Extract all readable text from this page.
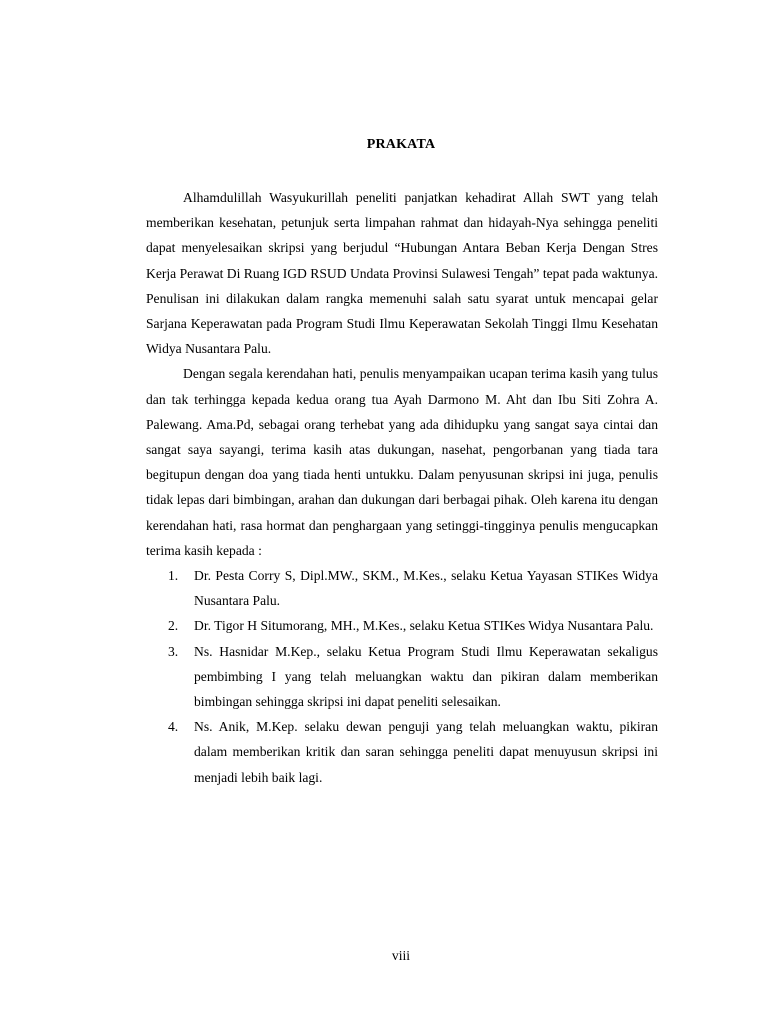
PRAKATA

Alhamdulillah Wasyukurillah peneliti panjatkan kehadirat Allah SWT yang telah memberikan kesehatan, petunjuk serta limpahan rahmat dan hidayah-Nya sehingga peneliti dapat menyelesaikan skripsi yang berjudul “Hubungan Antara Beban Kerja Dengan Stres Kerja Perawat Di Ruang IGD RSUD Undata Provinsi Sulawesi Tengah” tepat pada waktunya. Penulisan ini dilakukan dalam rangka memenuhi salah satu syarat untuk mencapai gelar Sarjana Keperawatan pada Program Studi Ilmu Keperawatan Sekolah Tinggi Ilmu Kesehatan Widya Nusantara Palu.

Dengan segala kerendahan hati, penulis menyampaikan ucapan terima kasih yang tulus dan tak terhingga kepada kedua orang tua Ayah Darmono M. Aht dan Ibu Siti Zohra A. Palewang. Ama.Pd, sebagai orang terhebat yang ada dihidupku yang sangat saya cintai dan sangat saya sayangi, terima kasih atas dukungan, nasehat, pengorbanan yang tiada tara begitupun dengan doa yang tiada henti untukku. Dalam penyusunan skripsi ini juga, penulis tidak lepas dari bimbingan, arahan dan dukungan dari berbagai pihak. Oleh karena itu dengan kerendahan hati, rasa hormat dan penghargaan yang setinggi-tingginya penulis mengucapkan terima kasih kepada :

1. Dr. Pesta Corry S, Dipl.MW., SKM., M.Kes., selaku Ketua Yayasan STIKes Widya Nusantara Palu.
2. Dr. Tigor H Situmorang, MH., M.Kes., selaku Ketua STIKes Widya Nusantara Palu.
3. Ns. Hasnidar M.Kep., selaku Ketua Program Studi Ilmu Keperawatan sekaligus pembimbing I yang telah meluangkan waktu dan pikiran dalam memberikan bimbingan sehingga skripsi ini dapat peneliti selesaikan.
4. Ns. Anik, M.Kep. selaku dewan penguji yang telah meluangkan waktu, pikiran dalam memberikan kritik dan saran sehingga peneliti dapat menuyusun skripsi ini menjadi lebih baik lagi.
viii
